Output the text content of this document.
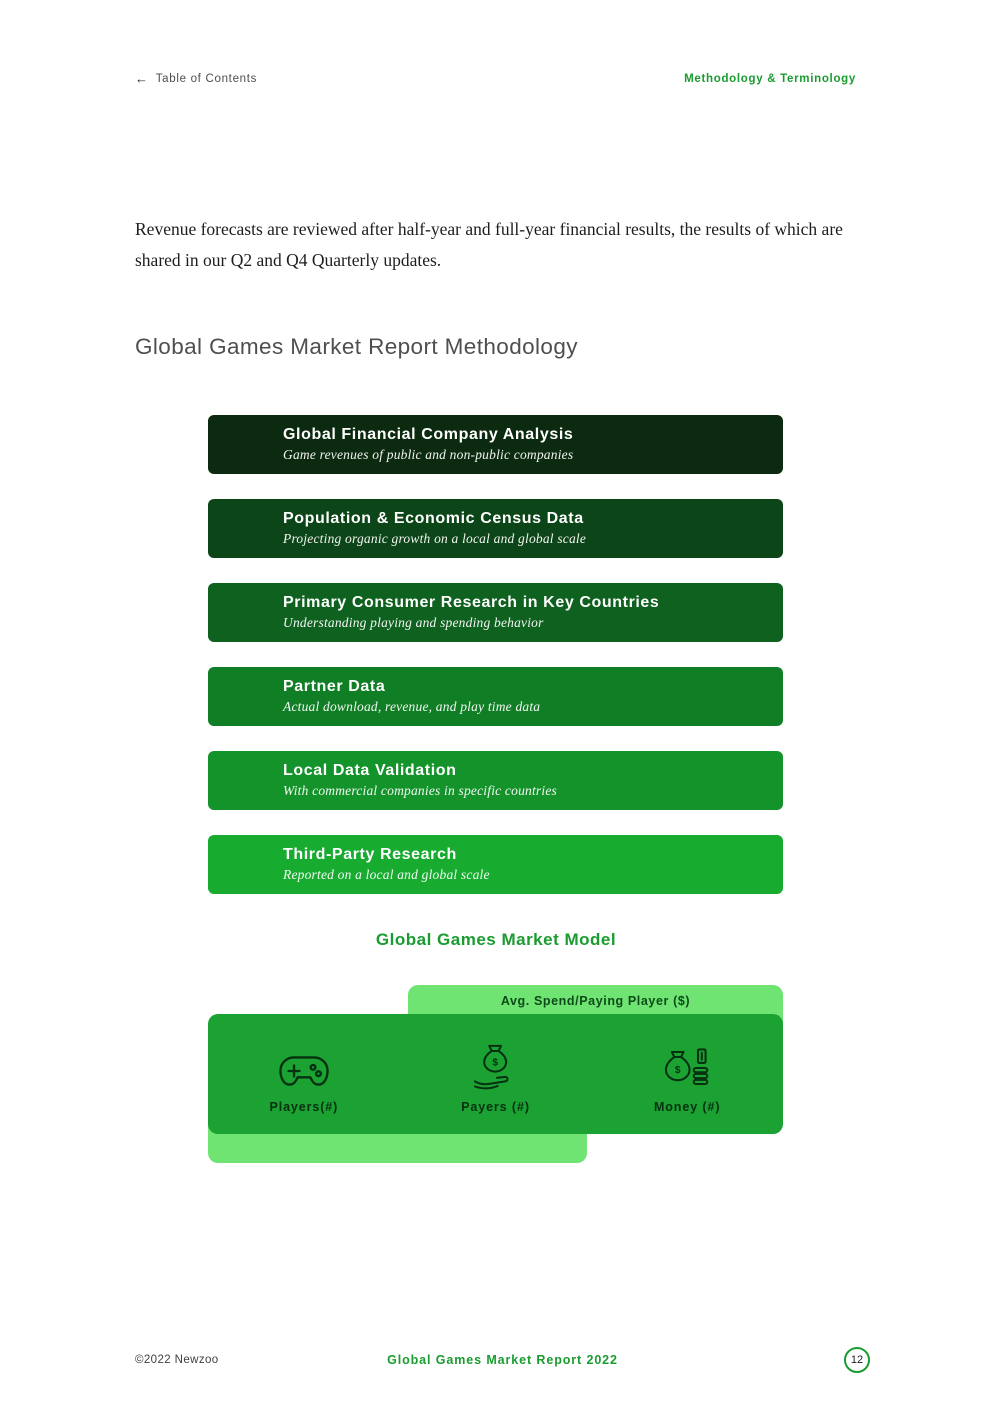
← Table of Contents	Methodology & Terminology

Revenue forecasts are reviewed after half-year and full-year financial results, the results of which are shared in our Q2 and Q4 Quarterly updates.

Global Games Market Report Methodology
Global Financial Company Analysis
Game revenues of public and non-public companies
Population & Economic Census Data
Projecting organic growth on a local and global scale
Primary Consumer Research in Key Countries
Understanding playing and spending behavior
Partner Data
Actual download, revenue, and play time data
Local Data Validation
With commercial companies in specific countries
Third-Party Research
Reported on a local and global scale
Global Games Market Model
Avg. Spend/Paying Player ($)
Players(#)
$
Payers (#)
$
Money (#)
©2022 Newzoo	Global Games Market Report 2022	12
